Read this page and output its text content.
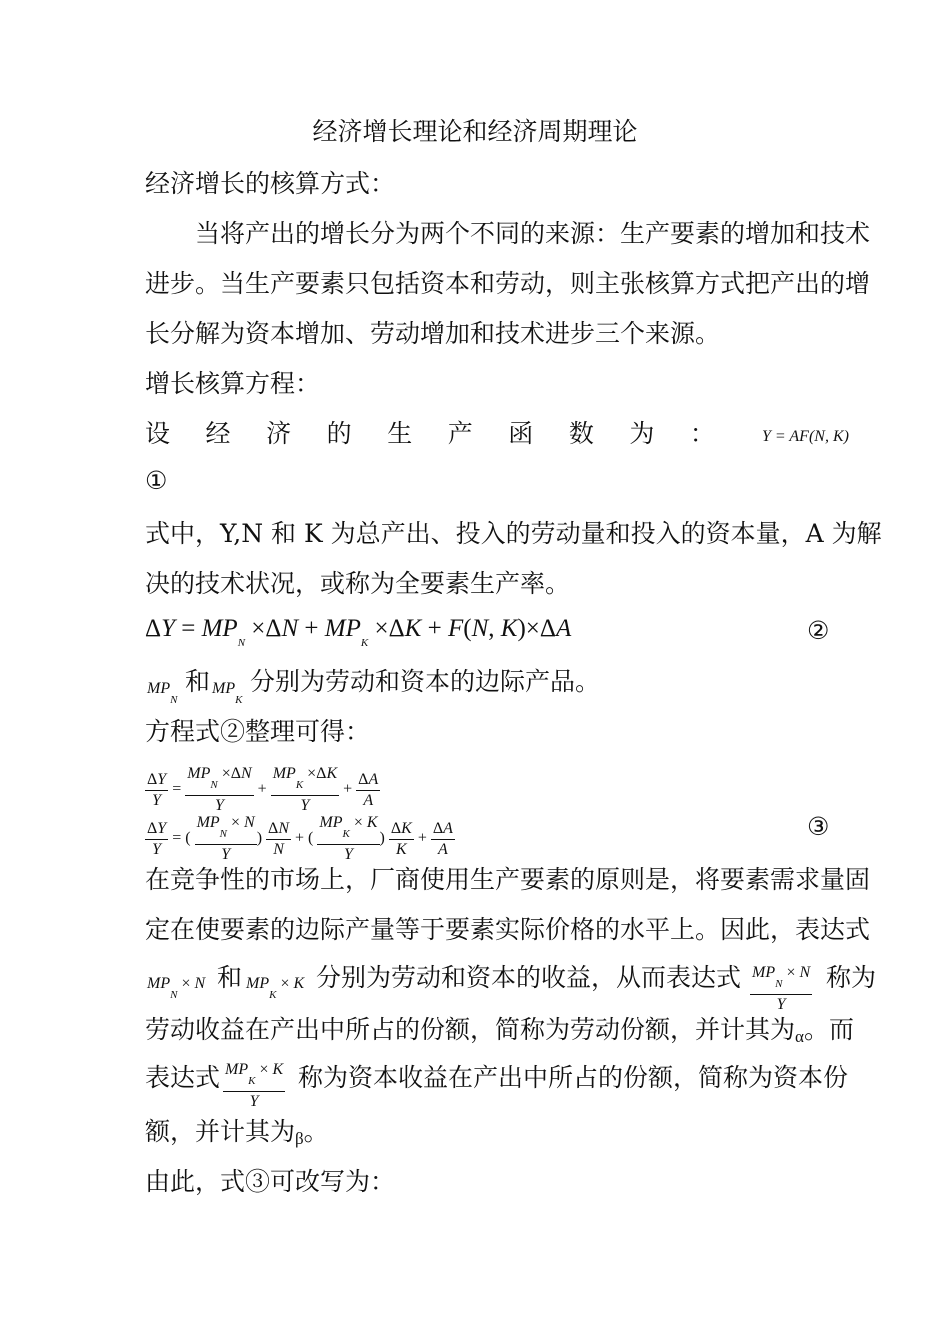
经济增长理论和经济周期理论
经济增长的核算方式：
当将产出的增长分为两个不同的来源：生产要素的增加和技术
进步。当生产要素只包括资本和劳动，则主张核算方式把产出的增
长分解为资本增加、劳动增加和技术进步三个来源。
增长核算方程：
设 经 济 的 生 产 函 数 为 ：	Y = AF(N, K)
①
式中，Y,N 和 K 为总产出、投入的劳动量和投入的资本量，A 为解
决的技术状况，或称为全要素生产率。
$\Delta Y = MP_N \times\Delta N + MP_K \times\Delta K + F(N$, K)×ΔA	②
$MP_N$
和 $MP_K$
分别为劳动和资本的边际产品。
方程式②整理可得：
$\frac{\Delta Y}{Y} = \frac{MP_N \times\Delta N}{Y} + \frac{MP_K \times\Delta K}{Y} + \frac{\Delta A}{A}$
$\frac{\Delta Y}{Y}$ = ( $\frac{MP_N \times N}{Y}$ ) $\frac{\Delta N}{N}$ + ( $\frac{MP_K \times K}{Y}$ ) $\frac{\Delta K}{K} + \frac{\Delta A}{A}$	③
在竞争性的市场上，厂商使用生产要素的原则是，将要素需求量固
定在使要素的边际产量等于要素实际价格的水平上。因此，表达式
$MP_N \times N$ 和 $MP_K \times K$ 分别为劳动和资本的收益，从而表达式 $\frac{MP_N \times N}{Y}$ 称为
劳动收益在产出中所占的份额，简称为劳动份额，并计其为α。而
表达式 $\frac{MP_K \times K}{Y}$ 称为资本收益在产出中所占的份额，简称为资本份
额，并计其为β。
由此，式③可改写为：
